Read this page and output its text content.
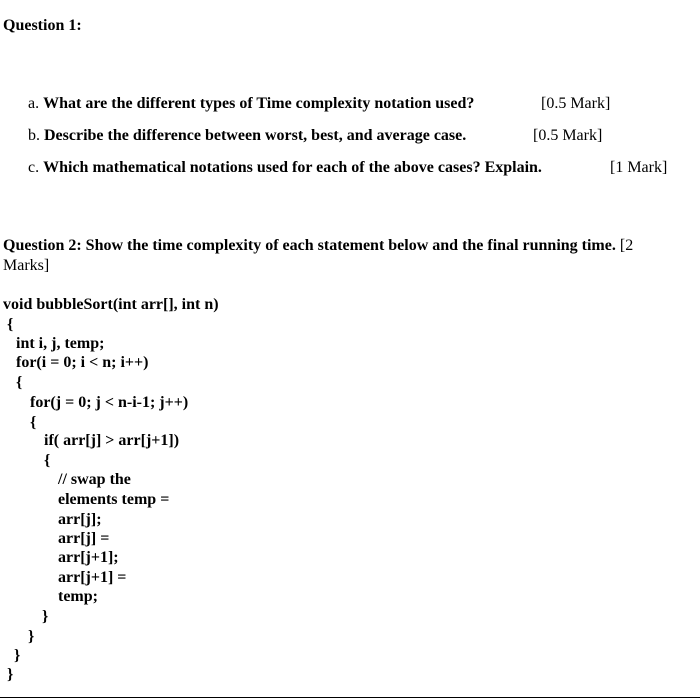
Question 1:
a. What are the different types of Time complexity notation used?	[0.5 Mark]
b. Describe the difference between worst, best, and average case.	[0.5 Mark]
c. Which mathematical notations used for each of the above cases? Explain.	[1 Mark]
Question 2: Show the time complexity of each statement below and the final running time. [2
Marks]
void bubbleSort(int arr[], int n)
{
int i, j, temp;
for(i = 0; i < n; i++)
{
for(j = 0; j < n-i-1; j++)
{
if( arr[j] > arr[j+1])
{
// swap the
elements temp =
arr[j];
arr[j] =
arr[j+1];
arr[j+1] =
temp;
}
}
}
}
